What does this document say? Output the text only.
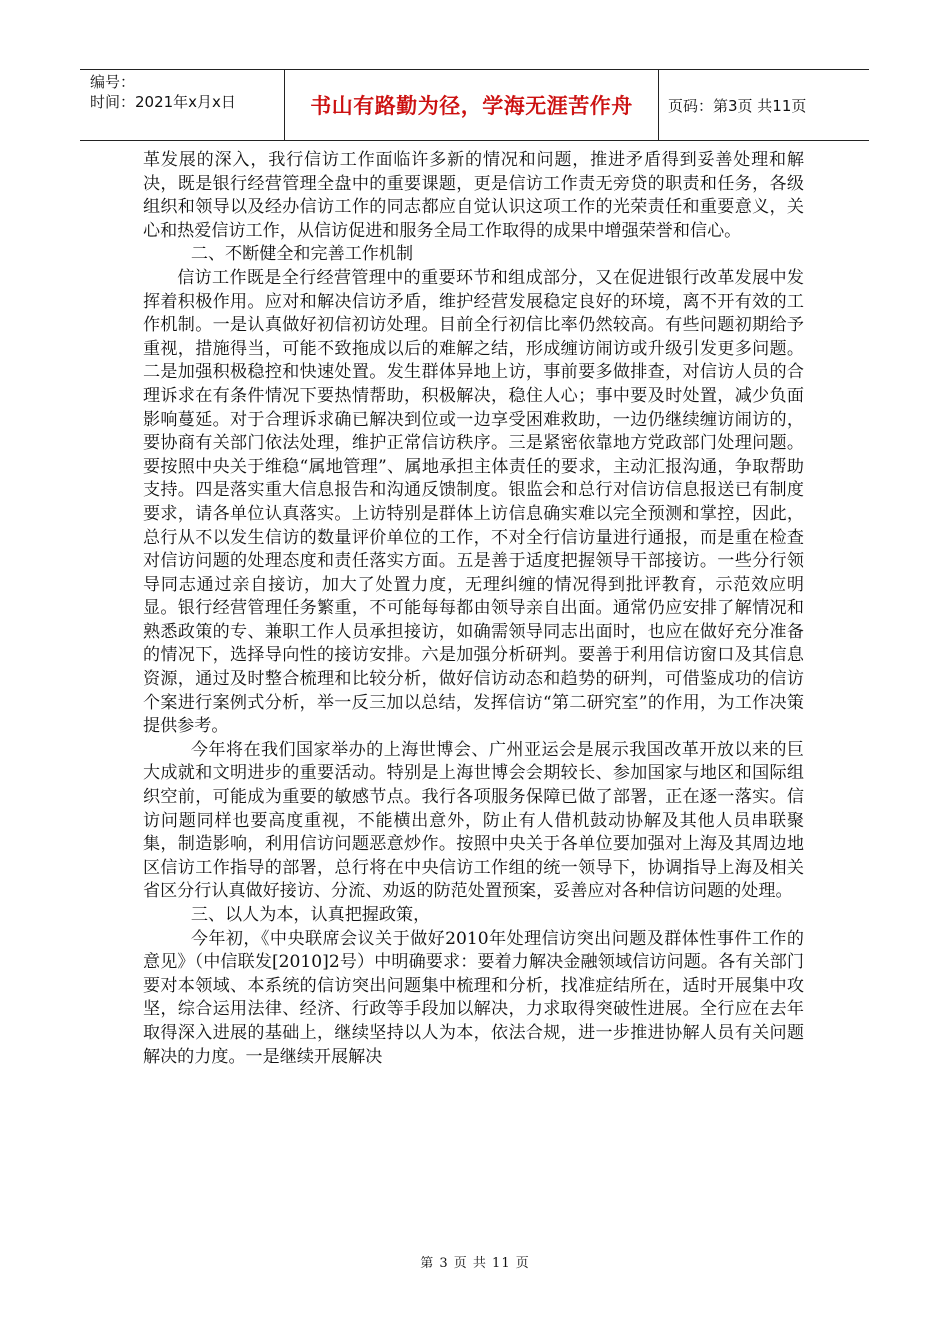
编号：
时间：2021年x月x日	书山有路勤为径，学海无涯苦作舟	页码：第3页 共11页

革发展的深入，我行信访工作面临许多新的情况和问题，推进矛盾得到妥善处理和解决，既是银行经营管理全盘中的重要课题，更是信访工作责无旁贷的职责和任务，各级组织和领导以及经办信访工作的同志都应自觉认识这项工作的光荣责任和重要意义，关心和热爱信访工作，从信访促进和服务全局工作取得的成果中增强荣誉和信心。

二、不断健全和完善工作机制

信访工作既是全行经营管理中的重要环节和组成部分，又在促进银行改革发展中发挥着积极作用。应对和解决信访矛盾，维护经营发展稳定良好的环境，离不开有效的工作机制。一是认真做好初信初访处理。目前全行初信比率仍然较高。有些问题初期给予重视，措施得当，可能不致拖成以后的难解之结，形成缠访闹访或升级引发更多问题。二是加强积极稳控和快速处置。发生群体异地上访，事前要多做排查，对信访人员的合理诉求在有条件情况下要热情帮助，积极解决，稳住人心；事中要及时处置，减少负面影响蔓延。对于合理诉求确已解决到位或一边享受困难救助，一边仍继续缠访闹访的，要协商有关部门依法处理，维护正常信访秩序。三是紧密依靠地方党政部门处理问题。要按照中央关于维稳“属地管理”、属地承担主体责任的要求，主动汇报沟通，争取帮助支持。四是落实重大信息报告和沟通反馈制度。银监会和总行对信访信息报送已有制度要求，请各单位认真落实。上访特别是群体上访信息确实难以完全预测和掌控，因此，总行从不以发生信访的数量评价单位的工作，不对全行信访量进行通报，而是重在检查对信访问题的处理态度和责任落实方面。五是善于适度把握领导干部接访。一些分行领导同志通过亲自接访，加大了处置力度，无理纠缠的情况得到批评教育，示范效应明显。银行经营管理任务繁重，不可能每每都由领导亲自出面。通常仍应安排了解情况和熟悉政策的专、兼职工作人员承担接访，如确需领导同志出面时，也应在做好充分准备的情况下，选择导向性的接访安排。六是加强分析研判。要善于利用信访窗口及其信息资源，通过及时整合梳理和比较分析，做好信访动态和趋势的研判，可借鉴成功的信访个案进行案例式分析，举一反三加以总结，发挥信访“第二研究室”的作用，为工作决策提供参考。

今年将在我们国家举办的上海世博会、广州亚运会是展示我国改革开放以来的巨大成就和文明进步的重要活动。特别是上海世博会会期较长、参加国家与地区和国际组织空前，可能成为重要的敏感节点。我行各项服务保障已做了部署，正在逐一落实。信访问题同样也要高度重视，不能横出意外，防止有人借机鼓动协解及其他人员串联聚集，制造影响，利用信访问题恶意炒作。按照中央关于各单位要加强对上海及其周边地区信访工作指导的部署，总行将在中央信访工作组的统一领导下，协调指导上海及相关省区分行认真做好接访、分流、劝返的防范处置预案，妥善应对各种信访问题的处理。

三、以人为本，认真把握政策，

今年初，《中央联席会议关于做好2010年处理信访突出问题及群体性事件工作的意见》（中信联发[2010]2号）中明确要求：要着力解决金融领域信访问题。各有关部门要对本领域、本系统的信访突出问题集中梳理和分析，找准症结所在，适时开展集中攻坚，综合运用法律、经济、行政等手段加以解决，力求取得突破性进展。全行应在去年取得深入进展的基础上，继续坚持以人为本，依法合规，进一步推进协解人员有关问题解决的力度。一是继续开展解决

第 3 页 共 11 页
